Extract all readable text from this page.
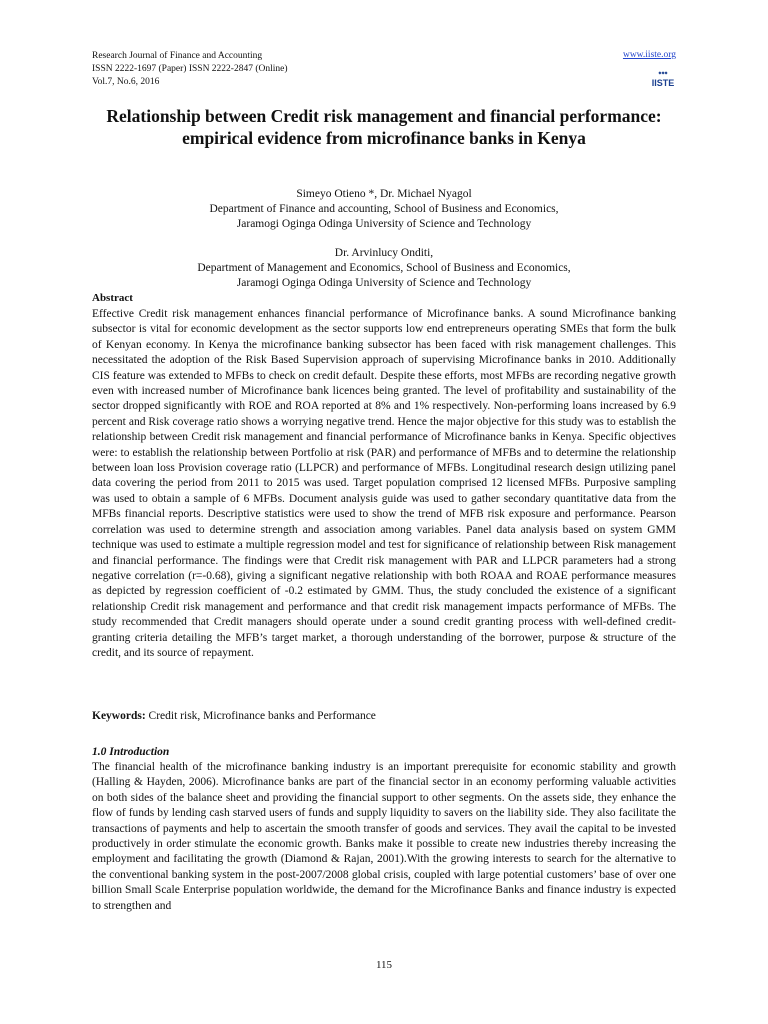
Research Journal of Finance and Accounting
ISSN 2222-1697 (Paper) ISSN 2222-2847 (Online)
Vol.7, No.6, 2016
www.iiste.org
◆◆◆
IISTE
Relationship between Credit risk management and financial performance: empirical evidence from microfinance banks in Kenya
Simeyo Otieno *, Dr. Michael Nyagol
Department of Finance and accounting, School of Business and Economics,
Jaramogi Oginga Odinga University of Science and Technology
Dr. Arvinlucy Onditi,
Department of Management and Economics, School of Business and Economics,
Jaramogi Oginga Odinga University of Science and Technology
Abstract

Effective Credit risk management enhances financial performance of Microfinance banks. A sound Microfinance banking subsector is vital for economic development as the sector supports low end entrepreneurs operating SMEs that form the bulk of Kenyan economy. In Kenya the microfinance banking subsector has been faced with risk management challenges. This necessitated the adoption of the Risk Based Supervision approach of supervising Microfinance banks in 2010. Additionally CIS feature was extended to MFBs to check on credit default. Despite these efforts, most MFBs are recording negative growth even with increased number of Microfinance bank licences being granted. The level of profitability and sustainability of the sector dropped significantly with ROE and ROA reported at 8% and 1% respectively. Non-performing loans increased by 6.9 percent and Risk coverage ratio shows a worrying negative trend. Hence the major objective for this study was to establish the relationship between Credit risk management and financial performance of Microfinance banks in Kenya. Specific objectives were: to establish the relationship between Portfolio at risk (PAR) and performance of MFBs and to determine the relationship between loan loss Provision coverage ratio (LLPCR) and performance of MFBs. Longitudinal research design utilizing panel data covering the period from 2011 to 2015 was used. Target population comprised 12 licensed MFBs. Purposive sampling was used to obtain a sample of 6 MFBs. Document analysis guide was used to gather secondary quantitative data from the MFBs financial reports. Descriptive statistics were used to show the trend of MFB risk exposure and performance. Pearson correlation was used to determine strength and association among variables. Panel data analysis based on system GMM technique was used to estimate a multiple regression model and test for significance of relationship between Risk management and financial performance. The findings were that Credit risk management with PAR and LLPCR parameters had a strong negative correlation (r=-0.68), giving a significant negative relationship with both ROAA and ROAE performance measures as depicted by regression coefficient of -0.2 estimated by GMM. Thus, the study concluded the existence of a significant relationship Credit risk management and performance and that credit risk management impacts performance of MFBs. The study recommended that Credit managers should operate under a sound credit granting process with well-defined credit-granting criteria detailing the MFB’s target market, a thorough understanding of the borrower, purpose & structure of the credit, and its source of repayment.

Keywords: Credit risk, Microfinance banks and Performance
1.0 Introduction

The financial health of the microfinance banking industry is an important prerequisite for economic stability and growth (Halling & Hayden, 2006). Microfinance banks are part of the financial sector in an economy performing valuable activities on both sides of the balance sheet and providing the financial support to other segments. On the assets side, they enhance the flow of funds by lending cash starved users of funds and supply liquidity to savers on the liability side. They also facilitate the transactions of payments and help to ascertain the smooth transfer of goods and services. They avail the capital to be invested productively in order stimulate the economic growth. Banks make it possible to create new industries thereby increasing the employment and facilitating the growth (Diamond & Rajan, 2001).With the growing interests to search for the alternative to the conventional banking system in the post-2007/2008 global crisis, coupled with large potential customers’ base of over one billion Small Scale Enterprise population worldwide, the demand for the Microfinance Banks and finance industry is expected to strengthen and

115
